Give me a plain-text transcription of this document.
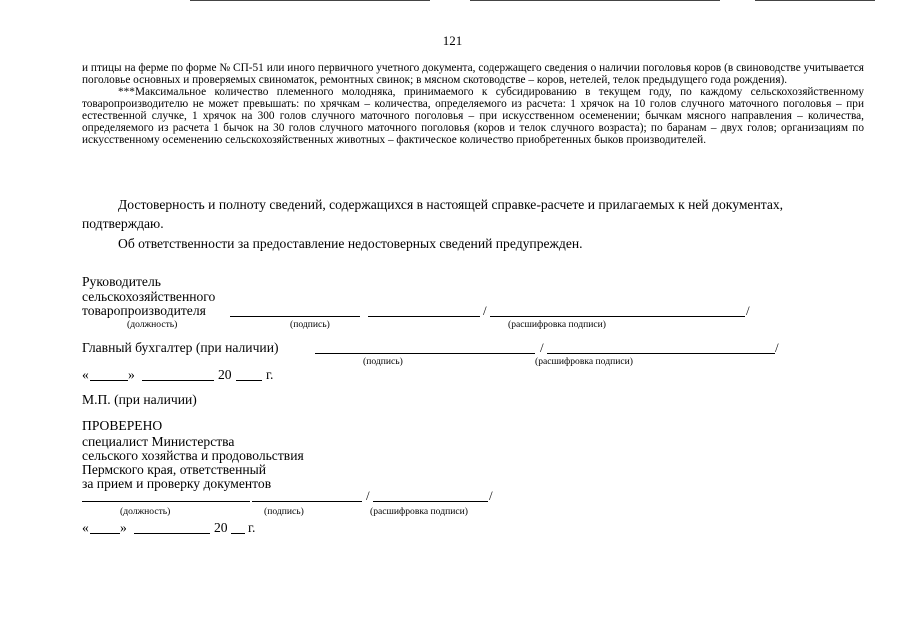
121

и птицы на ферме по форме № СП-51 или иного первичного учетного документа, содержащего сведения о наличии поголовья коров (в свиноводстве учитывается поголовье основных и проверяемых свиноматок, ремонтных свинок; в мясном скотоводстве – коров, нетелей, телок предыдущего года рождения).

***Максимальное количество племенного молодняка, принимаемого к субсидированию в текущем году, по каждому сельскохозяйственному товаропроизводителю не может превышать: по хрячкам – количества, определяемого из расчета: 1 хрячок на 10 голов случного маточного поголовья – при естественной случке, 1 хрячок на 300 голов случного маточного поголовья – при искусственном осеменении; бычкам мясного направления – количества, определяемого из расчета 1 бычок на 30 голов случного маточного поголовья (коров и телок случного возраста); по баранам – двух голов; организациям по искусственному осеменению сельскохозяйственных животных – фактическое количество приобретенных быков производителей.

Достоверность и полноту сведений, содержащихся в настоящей справке-расчете и прилагаемых к ней документах, подтверждаю.

Об ответственности за предоставление недостоверных сведений предупрежден.

Руководитель
сельскохозяйственного
товаропроизводителя	/	/
(должность)	(подпись)	(расшифровка подписи)
Главный бухгалтер (при наличии)	/	/
(подпись)	(расшифровка подписи)
«	»	20	г.
М.П. (при наличии)
ПРОВЕРЕНО
специалист Министерства
сельского хозяйства и продовольствия
Пермского края, ответственный
за прием и проверку документов
/	/
(должность)	(подпись)	(расшифровка подписи)
« »	20 г.
